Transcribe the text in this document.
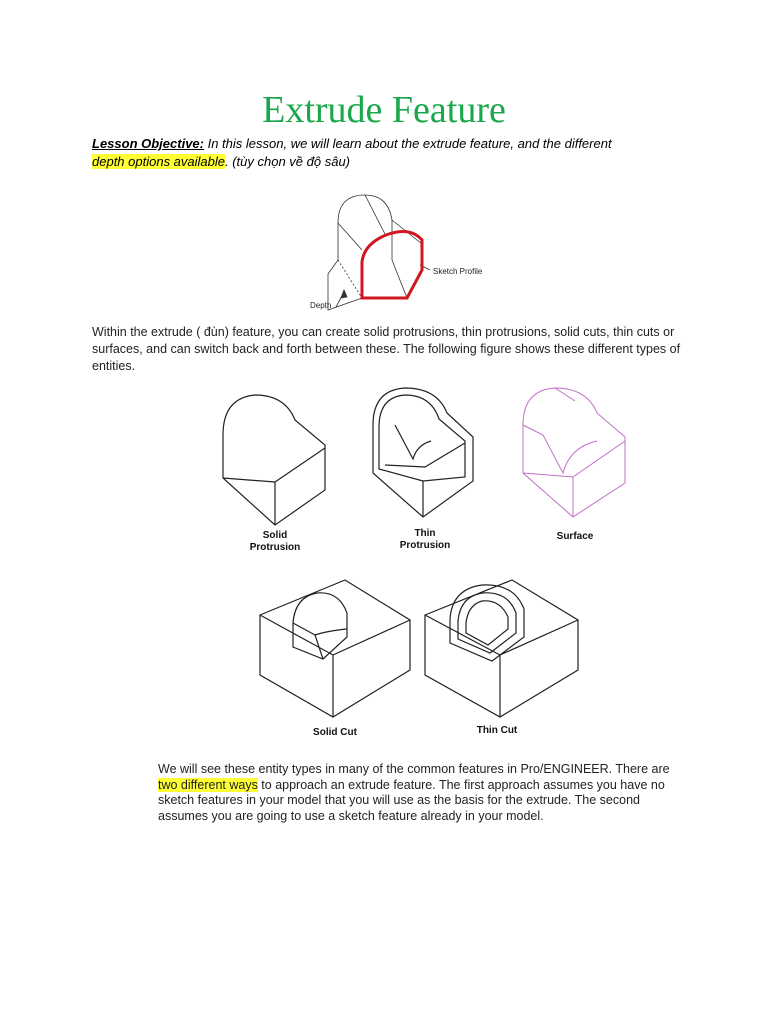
Extrude Feature
Lesson Objective: In this lesson, we will learn about the extrude feature, and the different
depth options available. (tùy chọn về độ sâu)
Sketch Profile
Depth
Within the extrude ( đùn) feature, you can create solid protrusions, thin protrusions, solid cuts, thin cuts or surfaces, and can switch back and forth between these. The following figure shows these different types of entities.
Solid
Protrusion
Thin
Protrusion
Surface
Solid Cut	Thin Cut
We will see these entity types in many of the common features in Pro/ENGINEER. There are two different ways to approach an extrude feature. The first approach assumes you have no sketch features in your model that you will use as the basis for the extrude. The second assumes you are going to use a sketch feature already in your model.
